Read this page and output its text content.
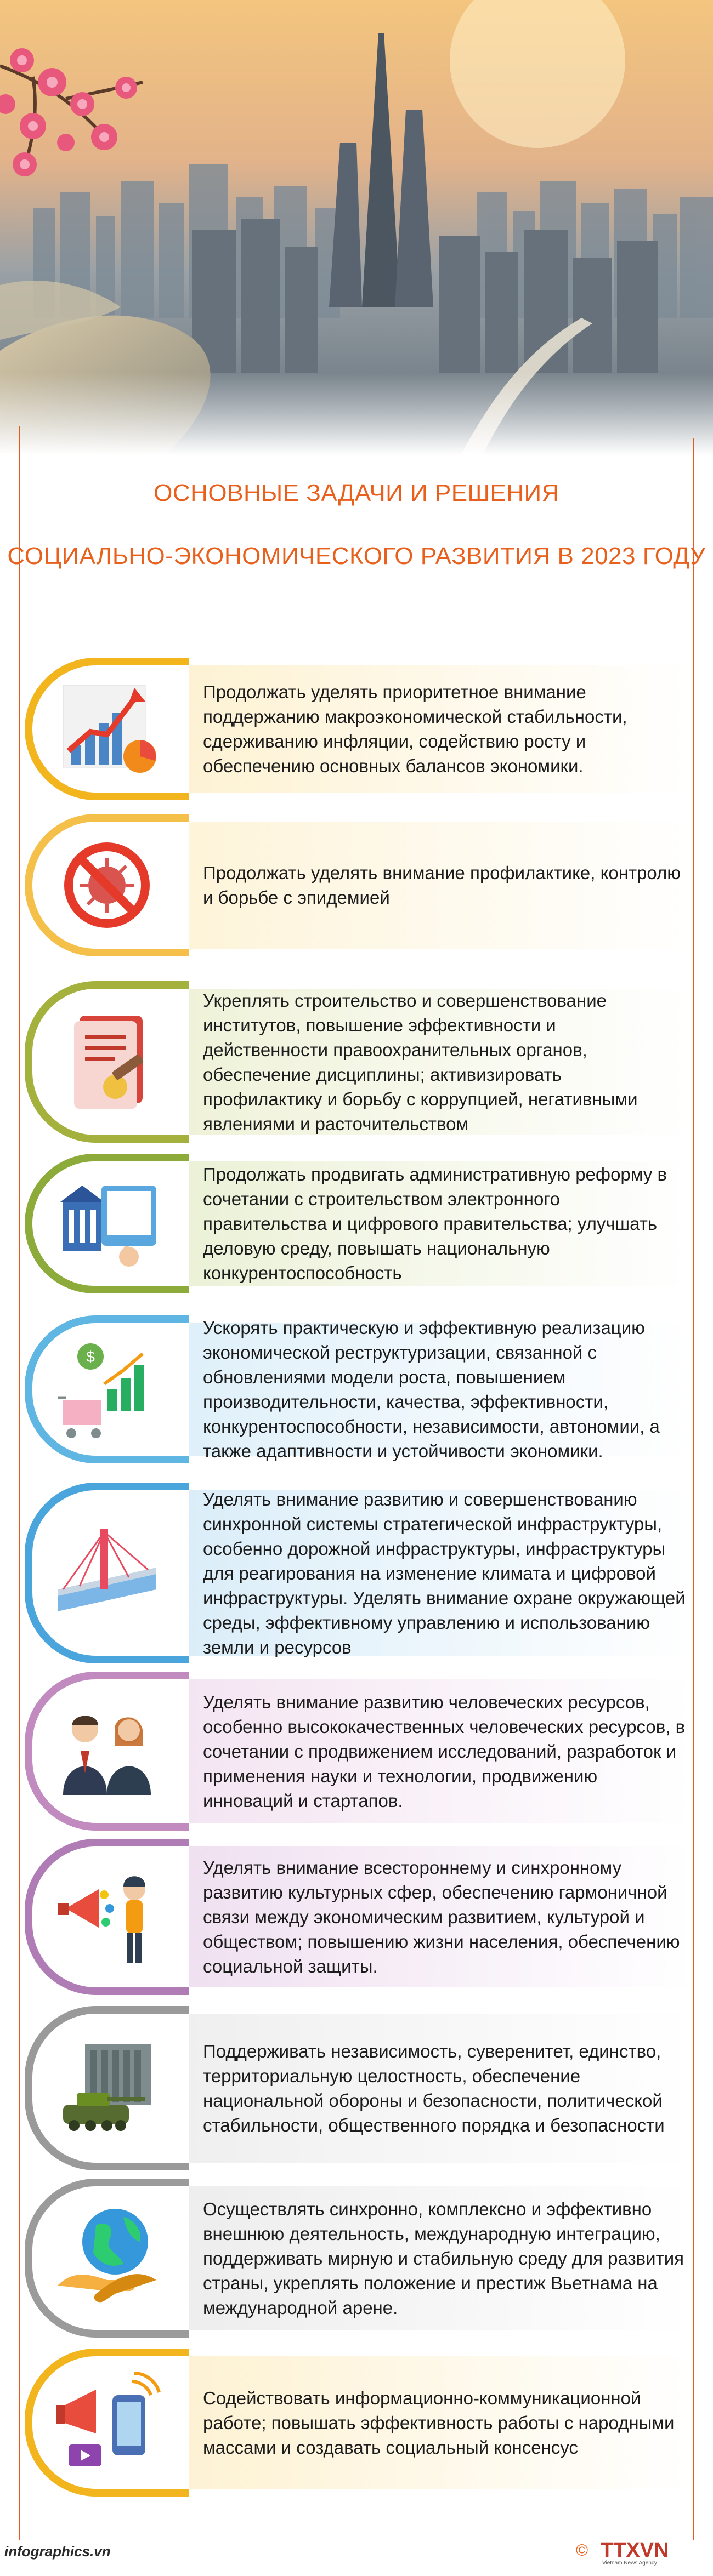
ОСНОВНЫЕ ЗАДАЧИ И РЕШЕНИЯ
СОЦИАЛЬНО-ЭКОНОМИЧЕСКОГО РАЗВИТИЯ В 2023 ГОДУ
Продолжать уделять приоритетное внимание поддержанию макроэкономической стабильности, сдерживанию инфляции, содействию росту и обеспечению основных балансов экономики.
Продолжать уделять внимание профилактике, контролю и борьбе с эпидемией
Укреплять строительство и совершенствование институтов, повышение эффективности и действенности правоохранительных органов, обеспечение дисциплины; активизировать профилактику и борьбу с коррупцией, негативными явлениями и расточительством
Продолжать продвигать административную реформу в сочетании с строительством электронного правительства и цифрового правительства; улучшать деловую среду, повышать национальную конкурентоспособность
$
Ускорять практическую и эффективную реализацию экономической реструктуризации, связанной с обновлениями модели роста, повышением производительности, качества, эффективности, конкурентоспособности, независимости, автономии, а также адаптивности и устойчивости экономики.
Уделять внимание развитию и совершенствованию синхронной системы стратегической инфраструктуры, особенно дорожной инфраструктуры, инфраструктуры для реагирования на изменение климата и цифровой инфраструктуры. Уделять внимание охране окружающей среды, эффективному управлению и использованию земли и ресурсов
Уделять внимание развитию человеческих ресурсов, особенно высококачественных человеческих ресурсов, в сочетании с продвижением исследований, разработок и применения науки и технологии, продвижению инноваций и стартапов.
Уделять внимание всестороннему и синхронному развитию культурных сфер, обеспечению гармоничной связи между экономическим развитием, культурой и обществом; повышению жизни населения, обеспечению социальной защиты.
Поддерживать независимость, суверенитет, единство, территориальную целостность, обеспечение национальной обороны и безопасности, политической стабильности, общественного порядка и безопасности
Осуществлять синхронно, комплексно и эффективно внешнюю деятельность, международную интеграцию, поддерживать мирную и стабильную среду для развития страны, укреплять положение и престиж Вьетнама на международной арене.
Содействовать информационно-коммуникационной работе; повышать эффективность работы с народными массами и создавать социальный консенсус
infographics.vn	© TTXVN
Vietnam News Agency
